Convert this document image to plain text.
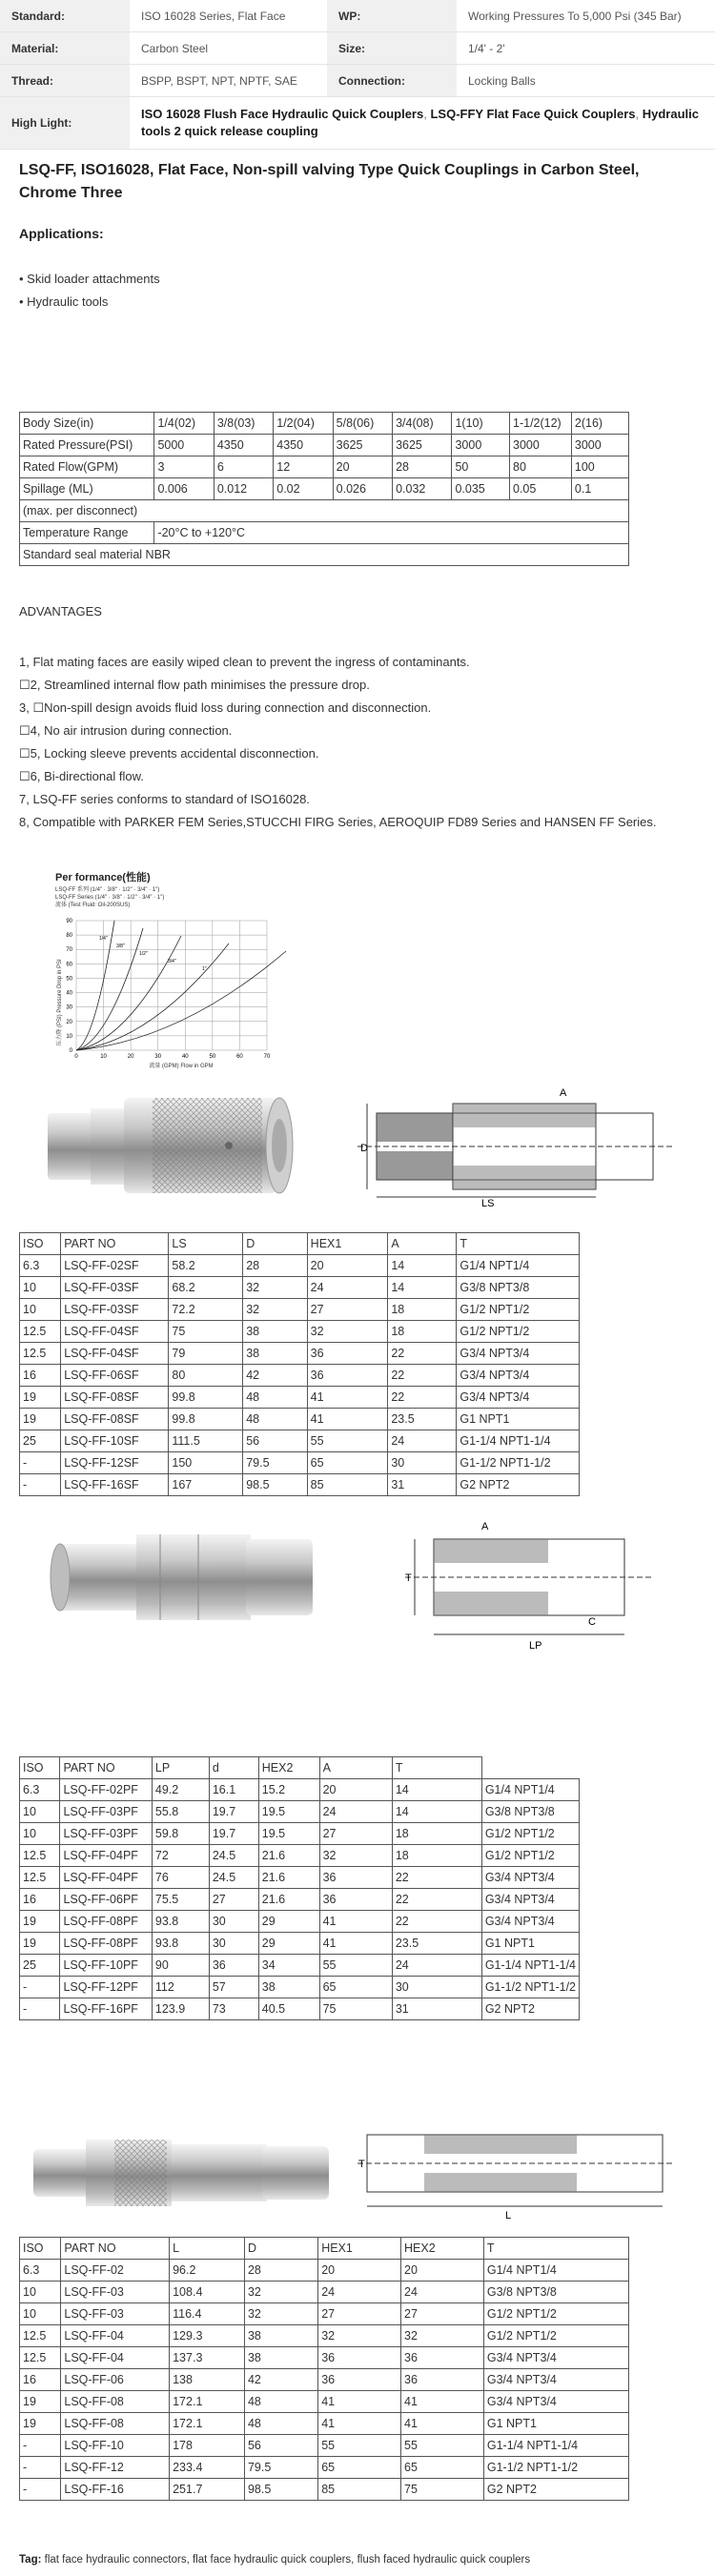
Standard:	ISO 16028 Series, Flat Face	WP:	Working Pressures To 5,000 Psi (345 Bar)
Material:	Carbon Steel	Size:	1/4' - 2'
Thread:	BSPP, BSPT, NPT, NPTF, SAE	Connection:	Locking Balls
High Light:	ISO 16028 Flush Face Hydraulic Quick Couplers, LSQ-FFY Flat Face Quick Couplers, Hydraulic tools 2 quick release coupling		
LSQ-FF, ISO16028, Flat Face, Non-spill valving Type Quick Couplings in Carbon Steel, Chrome Three
Applications:
• Skid loader attachments
• Hydraulic tools
Body Size(in)	1/4(02)	3/8(03)	1/2(04)	5/8(06)	3/4(08)	1(10)	1-1/2(12)	2(16)
Rated Pressure(PSI)	5000	4350	4350	3625	3625	3000	3000	3000
Rated Flow(GPM)	3	6	12	20	28	50	80	100
Spillage (ML)	0.006	0.012	0.02	0.026	0.032	0.035	0.05	0.1
(max. per disconnect)								
Temperature Range	-20°C to +120°C							
Standard seal material NBR								
ADVANTAGES
1, Flat mating faces are easily wiped clean to prevent the ingress of contaminants.
☐2, Streamlined internal flow path minimises the pressure drop.
3, ☐Non-spill design avoids fluid loss during connection and disconnection.
☐4, No air intrusion during connection.
☐5, Locking sleeve prevents accidental disconnection.
☐6, Bi-directional flow.
7, LSQ-FF series conforms to standard of ISO16028.
8, Compatible with PARKER FEM Series,STUCCHI FIRG Series, AEROQUIP FD89 Series and HANSEN FF Series.
Per formance(性能)
LSQ-FF 系列 (1/4" · 3/8" · 1/2" · 3/4" · 1")
LSQ-FF Series (1/4" · 3/8" · 1/2" · 3/4" · 1")
流体 (Test Fluid: Oil-200SUS)
0	10	20	30	40	50	60	70
0
10
20
30
40
50
60
70
80
90
1/4"
3/8"
1/2"
3/4"
1"
压力降 (PSI) Pressure Drop in PSI
流量 (GPM) Flow in GPM
D
LS
A
ISO	PART NO	LS	D	HEX1	A	T
6.3	LSQ-FF-02SF	58.2	28	20	14	G1/4 NPT1/4
10	LSQ-FF-03SF	68.2	32	24	14	G3/8 NPT3/8
10	LSQ-FF-03SF	72.2	32	27	18	G1/2 NPT1/2
12.5	LSQ-FF-04SF	75	38	32	18	G1/2 NPT1/2
12.5	LSQ-FF-04SF	79	38	36	22	G3/4 NPT3/4
16	LSQ-FF-06SF	80	42	36	22	G3/4 NPT3/4
19	LSQ-FF-08SF	99.8	48	41	22	G3/4 NPT3/4
19	LSQ-FF-08SF	99.8	48	41	23.5	G1 NPT1
25	LSQ-FF-10SF	111.5	56	55	24	G1-1/4 NPT1-1/4
-	LSQ-FF-12SF	150	79.5	65	30	G1-1/2 NPT1-1/2
-	LSQ-FF-16SF	167	98.5	85	31	G2 NPT2
T
LP
A
C
ISO	PART NO	LP	d	HEX2	A	T	
6.3	LSQ-FF-02PF	49.2	16.1	15.2	20	14	G1/4 NPT1/4
10	LSQ-FF-03PF	55.8	19.7	19.5	24	14	G3/8 NPT3/8
10	LSQ-FF-03PF	59.8	19.7	19.5	27	18	G1/2 NPT1/2
12.5	LSQ-FF-04PF	72	24.5	21.6	32	18	G1/2 NPT1/2
12.5	LSQ-FF-04PF	76	24.5	21.6	36	22	G3/4 NPT3/4
16	LSQ-FF-06PF	75.5	27	21.6	36	22	G3/4 NPT3/4
19	LSQ-FF-08PF	93.8	30	29	41	22	G3/4 NPT3/4
19	LSQ-FF-08PF	93.8	30	29	41	23.5	G1 NPT1
25	LSQ-FF-10PF	90	36	34	55	24	G1-1/4 NPT1-1/4
-	LSQ-FF-12PF	112	57	38	65	30	G1-1/2 NPT1-1/2
-	LSQ-FF-16PF	123.9	73	40.5	75	31	G2 NPT2
T
L
ISO	PART NO	L	D	HEX1	HEX2	T
6.3	LSQ-FF-02	96.2	28	20	20	G1/4 NPT1/4
10	LSQ-FF-03	108.4	32	24	24	G3/8 NPT3/8
10	LSQ-FF-03	116.4	32	27	27	G1/2 NPT1/2
12.5	LSQ-FF-04	129.3	38	32	32	G1/2 NPT1/2
12.5	LSQ-FF-04	137.3	38	36	36	G3/4 NPT3/4
16	LSQ-FF-06	138	42	36	36	G3/4 NPT3/4
19	LSQ-FF-08	172.1	48	41	41	G3/4 NPT3/4
19	LSQ-FF-08	172.1	48	41	41	G1 NPT1
-	LSQ-FF-10	178	56	55	55	G1-1/4 NPT1-1/4
-	LSQ-FF-12	233.4	79.5	65	65	G1-1/2 NPT1-1/2
-	LSQ-FF-16	251.7	98.5	85	75	G2 NPT2
Tag: flat face hydraulic connectors, flat face hydraulic quick couplers, flush faced hydraulic quick couplers
